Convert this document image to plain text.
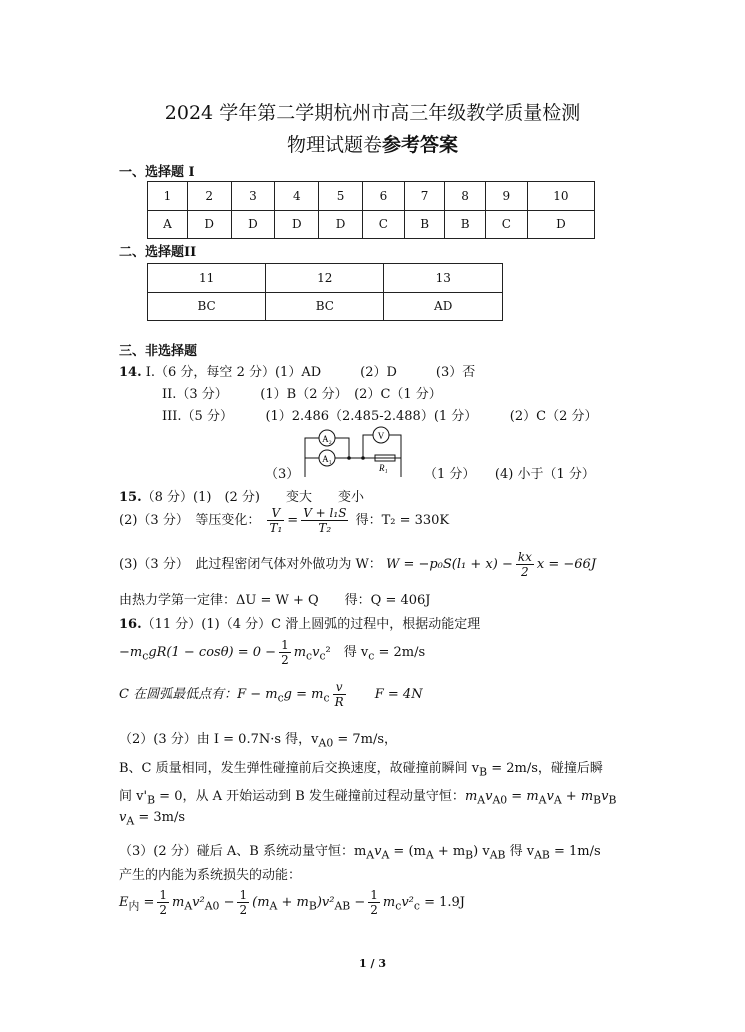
2024 学年第二学期杭州市高三年级教学质量检测
物理试题卷参考答案
一、选择题 I
1	2	3	4	5	6	7	8	9	10
A	D	D	D	D	C	B	B	C	D
二、选择题II
11	12	13
BC	BC	AD
三、非选择题
14. I.（6 分，每空 2 分）(1）AD　　　(2）D　　　(3）否
II.（3 分）　　　(1）B（2 分）　(2）C（1 分）
III.（5 分）　　　(1）2.486（2.485-2.488）(1 分）　　　(2）C（2 分）
（3）
A₂
A₁
V
R₁	（1 分）　　(4) 小于（1 分）
15.（8 分）(1)　(2 分)　　变大　　变小
(2)（3 分）　等压变化： $\frac{V}{\text{T₁}} = \frac{\text{V + l₁S}}{\text{T₂}}$ 得：T₂ = 330K
(3)（3 分）　此过程密闭气体对外做功为 W： $W = -p_0S(l_1 + x) - \frac{kx}{2}$ x = −66J
由热力学第一定律：ΔU = W + Q　　得：Q = 406J
16.（11 分）(1)（4 分）C 滑上圆弧的过程中，根据动能定理
$-m_cgR(1 - \cos\theta) = 0 - \frac{1}{2} m_cv_c^2$　得 $v_c = 2m/s$
C 在圆弧最低点有：$F - m_cg = m_c \frac{v}{R}$ F = 4N
（2）(3 分）由 I = 0.7N·s 得，$v_{A0} = 7m/s$，
B、C 质量相同，发生弹性碰撞前后交换速度，故碰撞前瞬间 $v_B = 2m/s$，碰撞后瞬
间 $v'_B = 0$，从 A 开始运动到 B 发生碰撞前过程动量守恒：$m_Av_{A0} = m_Av_A + m_Bv_B$
$v_A = 3m/s$
（3）(2 分）碰后 A、B 系统动量守恒：$m_Av_A = (m_A + m_B)$ $v_{AB}$ 得 $v_{AB} = 1m/s$
产生的内能为系统损失的动能：
$E_内 = \frac{1}{2} m_Av^2_{A0} - \frac{1}{2} (m_A + m_B)v^2_{AB} - \frac{1}{2} m_cv^2_c = 1.9J$
1 / 3
